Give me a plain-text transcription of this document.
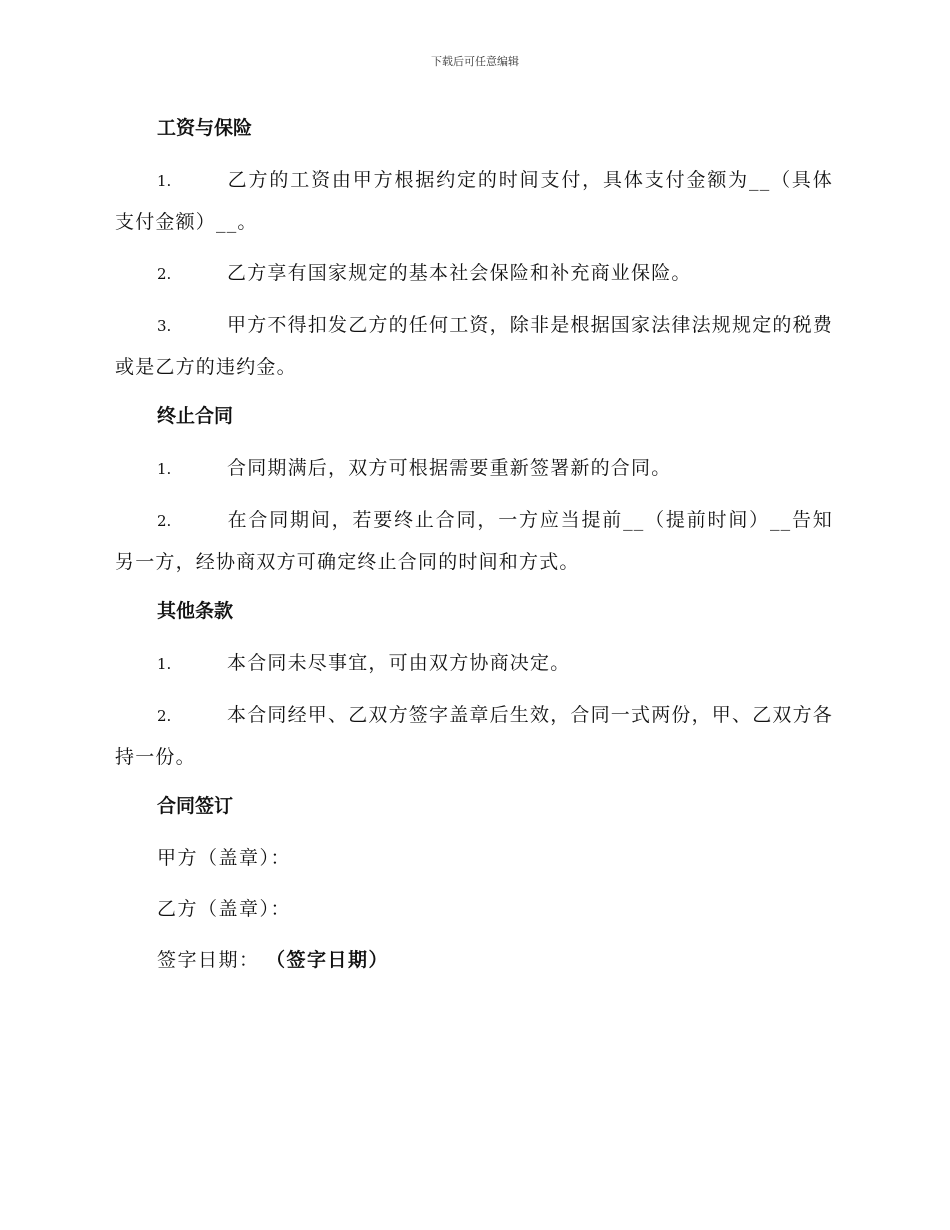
下载后可任意编辑
工资与保险

1.	乙方的工资由甲方根据约定的时间支付，具体支付金额为__（具体支付金额）__。

2.	乙方享有国家规定的基本社会保险和补充商业保险。

3.	甲方不得扣发乙方的任何工资，除非是根据国家法律法规规定的税费或是乙方的违约金。

终止合同

1.	合同期满后，双方可根据需要重新签署新的合同。

2.	在合同期间，若要终止合同，一方应当提前__（提前时间）__告知另一方，经协商双方可确定终止合同的时间和方式。

其他条款

1.	本合同未尽事宜，可由双方协商决定。

2.	本合同经甲、乙双方签字盖章后生效，合同一式两份，甲、乙双方各持一份。

合同签订
甲方（盖章）：
乙方（盖章）：
签字日期： （签字日期）
